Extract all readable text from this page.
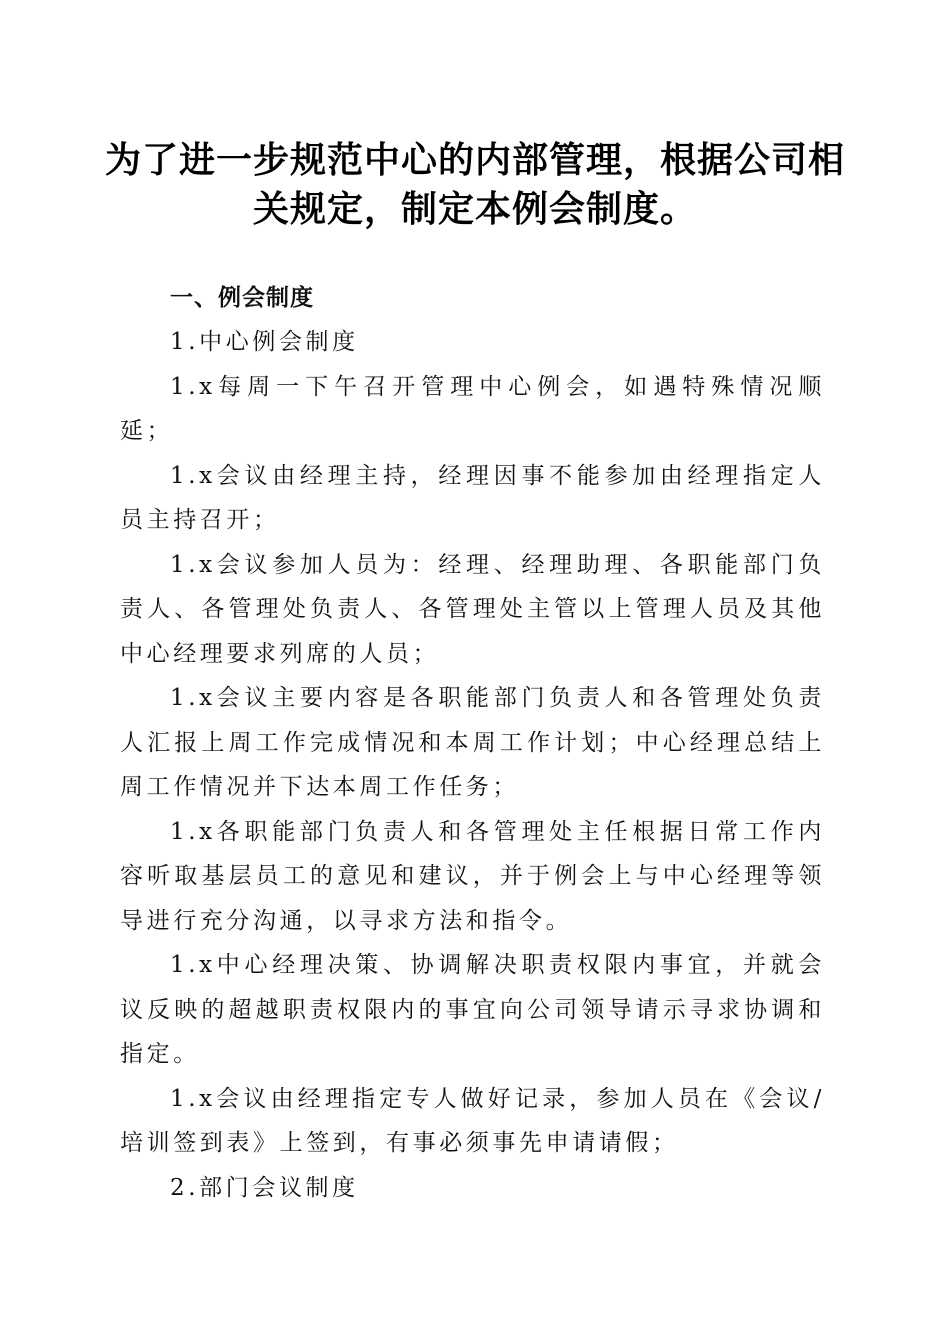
为了进一步规范中心的内部管理，根据公司相关规定，制定本例会制度。

一、例会制度

1.中心例会制度

1.x每周一下午召开管理中心例会，如遇特殊情况顺延；

1.x会议由经理主持，经理因事不能参加由经理指定人员主持召开；

1.x会议参加人员为：经理、经理助理、各职能部门负责人、各管理处负责人、各管理处主管以上管理人员及其他中心经理要求列席的人员；

1.x会议主要内容是各职能部门负责人和各管理处负责人汇报上周工作完成情况和本周工作计划；中心经理总结上周工作情况并下达本周工作任务；

1.x各职能部门负责人和各管理处主任根据日常工作内容听取基层员工的意见和建议，并于例会上与中心经理等领导进行充分沟通，以寻求方法和指令。

1.x中心经理决策、协调解决职责权限内事宜，并就会议反映的超越职责权限内的事宜向公司领导请示寻求协调和指定。

1.x会议由经理指定专人做好记录，参加人员在《会议/培训签到表》上签到，有事必须事先申请请假；

2.部门会议制度
